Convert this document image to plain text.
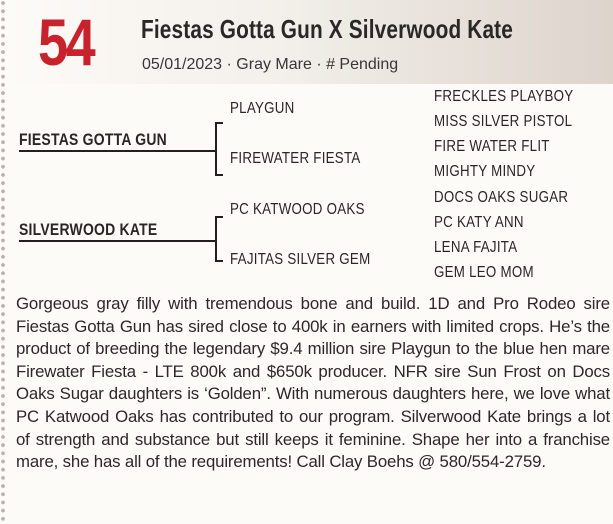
54 Fiestas Gotta Gun X Silverwood Kate
05/01/2023 · Gray Mare · # Pending
FIESTAS GOTTA GUN
SILVERWOOD KATE
PLAYGUN
FIREWATER FIESTA
PC KATWOOD OAKS
FAJITAS SILVER GEM
FRECKLES PLAYBOY
MISS SILVER PISTOL
FIRE WATER FLIT
MIGHTY MINDY
DOCS OAKS SUGAR
PC KATY ANN
LENA FAJITA
GEM LEO MOM
Gorgeous gray filly with tremendous bone and build. 1D and Pro Rodeo sire Fiestas Gotta Gun has sired close to 400k in earners with limited crops. He’s the product of breeding the legendary $9.4 million sire Playgun to the blue hen mare Firewater Fiesta - LTE 800k and $650k producer. NFR sire Sun Frost on Docs Oaks Sugar daughters is ‘Golden”. With numerous daughters here, we love what PC Katwood Oaks has contributed to our program. Silverwood Kate brings a lot of strength and substance but still keeps it feminine. Shape her into a franchise mare, she has all of the requirements! Call Clay Boehs @ 580/554-2759.
